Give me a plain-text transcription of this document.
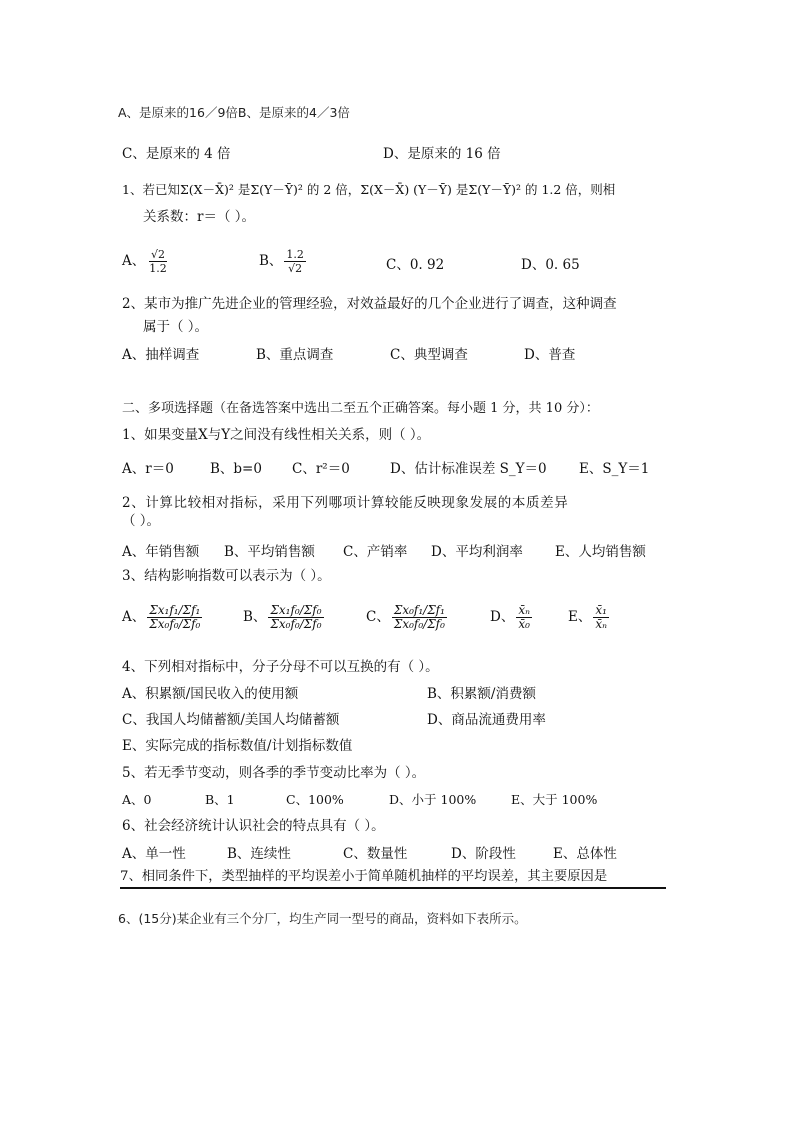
A、是原来的16／9倍B、是原来的4／3倍
C、是原来的 4 倍	D、是原来的 16 倍
1、若已知Σ(X－X̄)² 是Σ(Y－Ȳ)² 的 2 倍，Σ(X－X̄) (Y－Ȳ) 是Σ(Y－Ȳ)² 的 1.2 倍，则相
关系数：r＝（ ）。
A、 $\frac{√2}{1.2}$	B、 $\frac{1.2}{√2}$	C、0. 92	D、0. 65
2、某市为推广先进企业的管理经验，对效益最好的几个企业进行了调查，这种调查
属于（ ）。
A、抽样调查	B、重点调查	C、典型调查	D、普查
二、多项选择题（在备选答案中选出二至五个正确答案。每小题 1 分，共 10 分）：
1、如果变量X与Y之间没有线性相关关系，则（ ）。
A、r＝0	B、b=0 C、r²＝0	D、估计标准误差 S_Y＝0 E、S_Y＝1
2、计算比较相对指标，采用下列哪项计算较能反映现象发展的本质差异
（ ）。
A、年销售额 B、平均销售额 C、产销率 D、平均利润率 E、人均销售额
3、结构影响指数可以表示为（ ）。
A、 $\frac{\text{Σx₁f₁/Σf₁}}{\text{Σx₀f₀/Σf₀}}$	B、 $\frac{\text{Σx₁f₀/Σf₀}}{\text{Σx₀f₀/Σf₀}}$	C、 $\frac{\text{Σx₀f₁/Σf₁}}{\text{Σx₀f₀/Σf₀}}$	D、 $\frac{\text{x̄ₙ}}{\text{x̄₀}}$	E、 $\frac{\text{x̄₁}}{\text{x̄ₙ}}$
4、下列相对指标中，分子分母不可以互换的有（ ）。
A、积累额/国民收入的使用额	B、积累额/消费额
C、我国人均储蓄额/美国人均储蓄额	D、商品流通费用率
E、实际完成的指标数值/计划指标数值
5、若无季节变动，则各季的季节变动比率为（ ）。
A、0	B、1	C、100%	D、小于 100%	E、大于 100%
6、社会经济统计认识社会的特点具有（ ）。
A、单一性	B、连续性	C、数量性	D、阶段性	E、总体性
7、相同条件下，类型抽样的平均误差小于简单随机抽样的平均误差，其主要原因是
6、(15分)某企业有三个分厂，均生产同一型号的商品，资料如下表所示。
